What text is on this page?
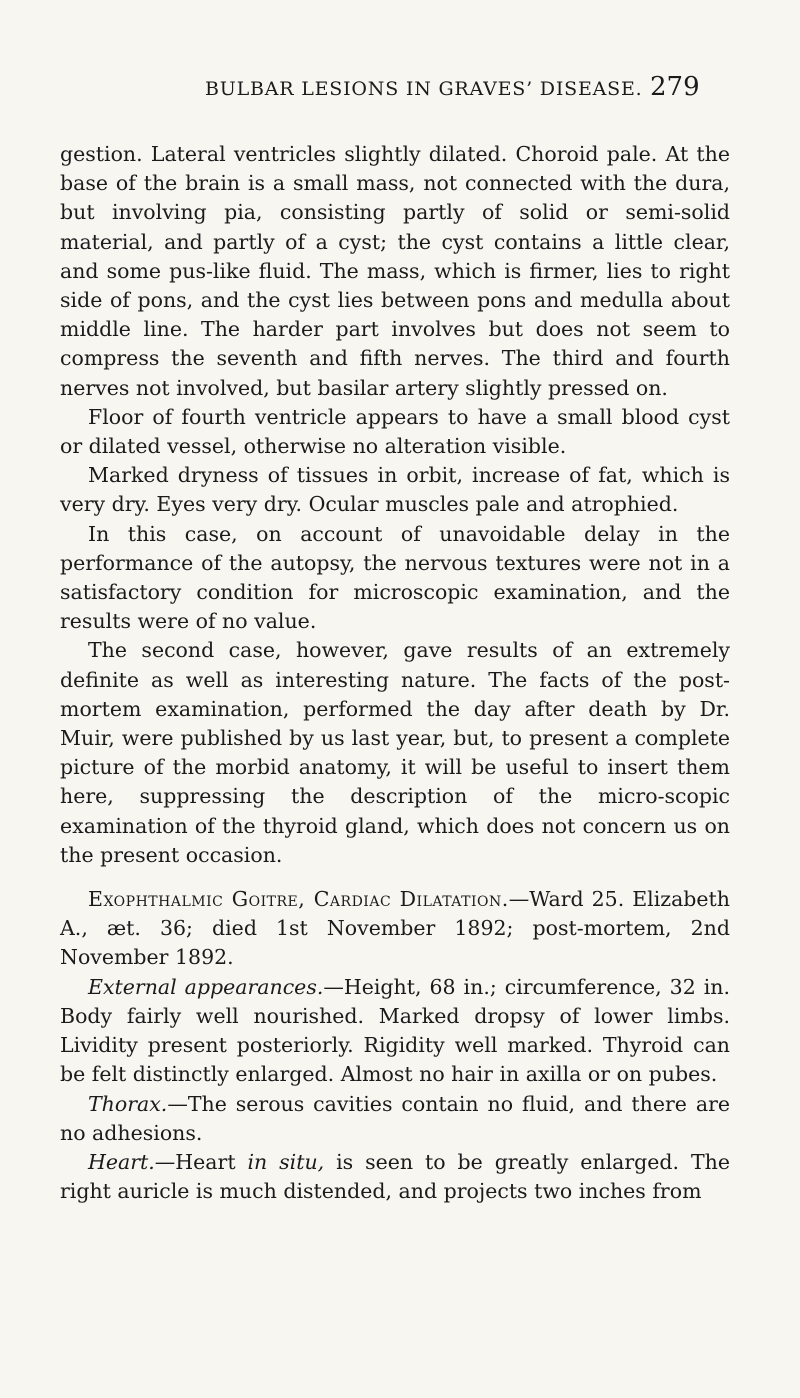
BULBAR LESIONS IN GRAVES’ DISEASE. 279

gestion. Lateral ventricles slightly dilated. Choroid pale. At the base of the brain is a small mass, not connected with the dura, but involving pia, consisting partly of solid or semi-solid material, and partly of a cyst; the cyst contains a little clear, and some pus-like fluid. The mass, which is firmer, lies to right side of pons, and the cyst lies between pons and medulla about middle line. The harder part involves but does not seem to compress the seventh and fifth nerves. The third and fourth nerves not involved, but basilar artery slightly pressed on.

Floor of fourth ventricle appears to have a small blood cyst or dilated vessel, otherwise no alteration visible.

Marked dryness of tissues in orbit, increase of fat, which is very dry. Eyes very dry. Ocular muscles pale and atrophied.

In this case, on account of unavoidable delay in the performance of the autopsy, the nervous textures were not in a satisfactory condition for microscopic examination, and the results were of no value.

The second case, however, gave results of an extremely definite as well as interesting nature. The facts of the post-mortem examination, performed the day after death by Dr. Muir, were published by us last year, but, to present a complete picture of the morbid anatomy, it will be useful to insert them here, suppressing the description of the micro-scopic examination of the thyroid gland, which does not concern us on the present occasion.

Exophthalmic Goitre, Cardiac Dilatation.—Ward 25. Elizabeth A., æt. 36; died 1st November 1892; post-mortem, 2nd November 1892.

External appearances.—Height, 68 in.; circumference, 32 in. Body fairly well nourished. Marked dropsy of lower limbs. Lividity present posteriorly. Rigidity well marked. Thyroid can be felt distinctly enlarged. Almost no hair in axilla or on pubes.

Thorax.—The serous cavities contain no fluid, and there are no adhesions.

Heart.—Heart in situ, is seen to be greatly enlarged. The right auricle is much distended, and projects two inches from
